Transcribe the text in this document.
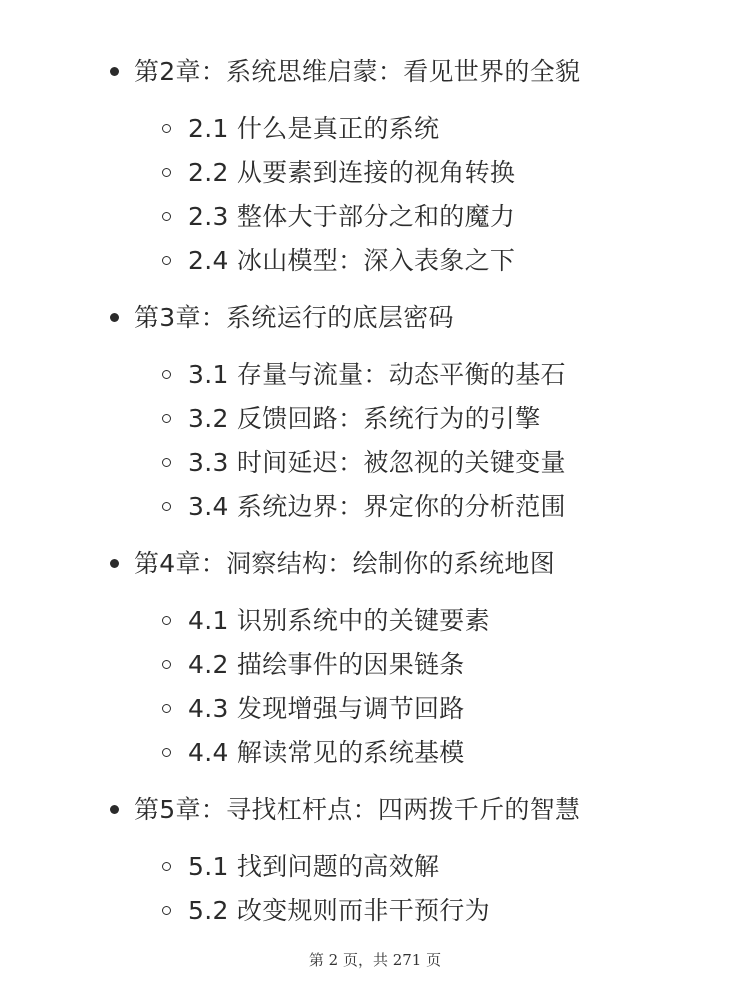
第2章：系统思维启蒙：看见世界的全貌
2.1 什么是真正的系统
2.2 从要素到连接的视角转换
2.3 整体大于部分之和的魔力
2.4 冰山模型：深入表象之下
第3章：系统运行的底层密码
3.1 存量与流量：动态平衡的基石
3.2 反馈回路：系统行为的引擎
3.3 时间延迟：被忽视的关键变量
3.4 系统边界：界定你的分析范围
第4章：洞察结构：绘制你的系统地图
4.1 识别系统中的关键要素
4.2 描绘事件的因果链条
4.3 发现增强与调节回路
4.4 解读常见的系统基模
第5章：寻找杠杆点：四两拨千斤的智慧
5.1 找到问题的高效解
5.2 改变规则而非干预行为
第 2 页，共 271 页
